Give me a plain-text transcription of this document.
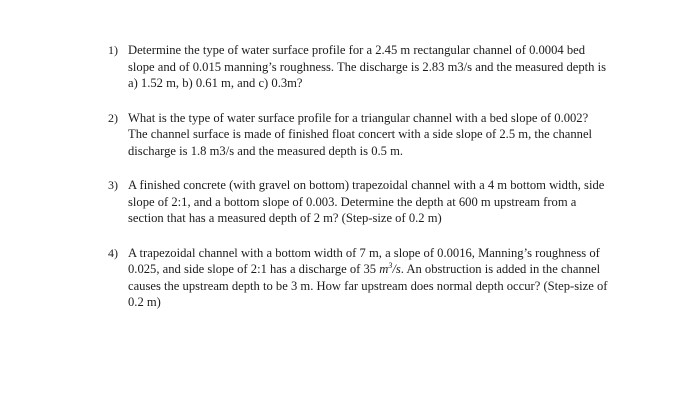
1) Determine the type of water surface profile for a 2.45 m rectangular channel of 0.0004 bed slope and of 0.015 manning’s roughness. The discharge is 2.83 m3/s and the measured depth is a) 1.52 m, b) 0.61 m, and c) 0.3m?
2) What is the type of water surface profile for a triangular channel with a bed slope of 0.002? The channel surface is made of finished float concert with a side slope of 2.5 m, the channel discharge is 1.8 m3/s and the measured depth is 0.5 m.
3) A finished concrete (with gravel on bottom) trapezoidal channel with a 4 m bottom width, side slope of 2:1, and a bottom slope of 0.003. Determine the depth at 600 m upstream from a section that has a measured depth of 2 m? (Step-size of 0.2 m)
4) A trapezoidal channel with a bottom width of 7 m, a slope of 0.0016, Manning’s roughness of 0.025, and side slope of 2:1 has a discharge of 35 $m^3/s$. An obstruction is added in the channel causes the upstream depth to be 3 m. How far upstream does normal depth occur? (Step-size of 0.2 m)
